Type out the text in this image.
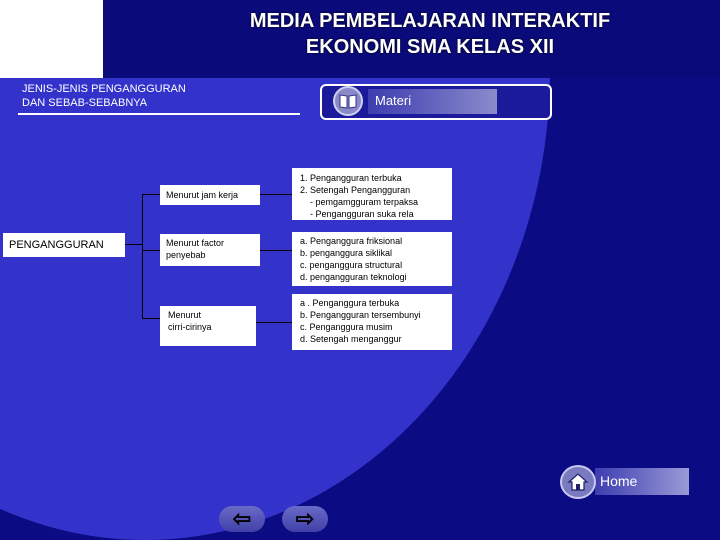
MEDIA PEMBELAJARAN INTERAKTIF
EKONOMI SMA KELAS XII
JENIS-JENIS PENGANGGURAN
DAN SEBAB-SEBABNYA	Materi
PENGANGGURAN
Menurut jam kerja
Menurut factor penyebab
Menurut cirri-cirinya
1. Pengangguran terbuka
2. Setengah Pengangguran
- pemgamgguram terpaksa
- Pengangguran suka rela
a. Penganggura friksional
b. penganggura siklikal
c. penganggura structural
d. pengangguran teknologi
a . Penganggura terbuka
b. Pengangguran tersembunyi
c. Penganggura musim
d. Setengah menganggur
Home
⇦ ⇨
